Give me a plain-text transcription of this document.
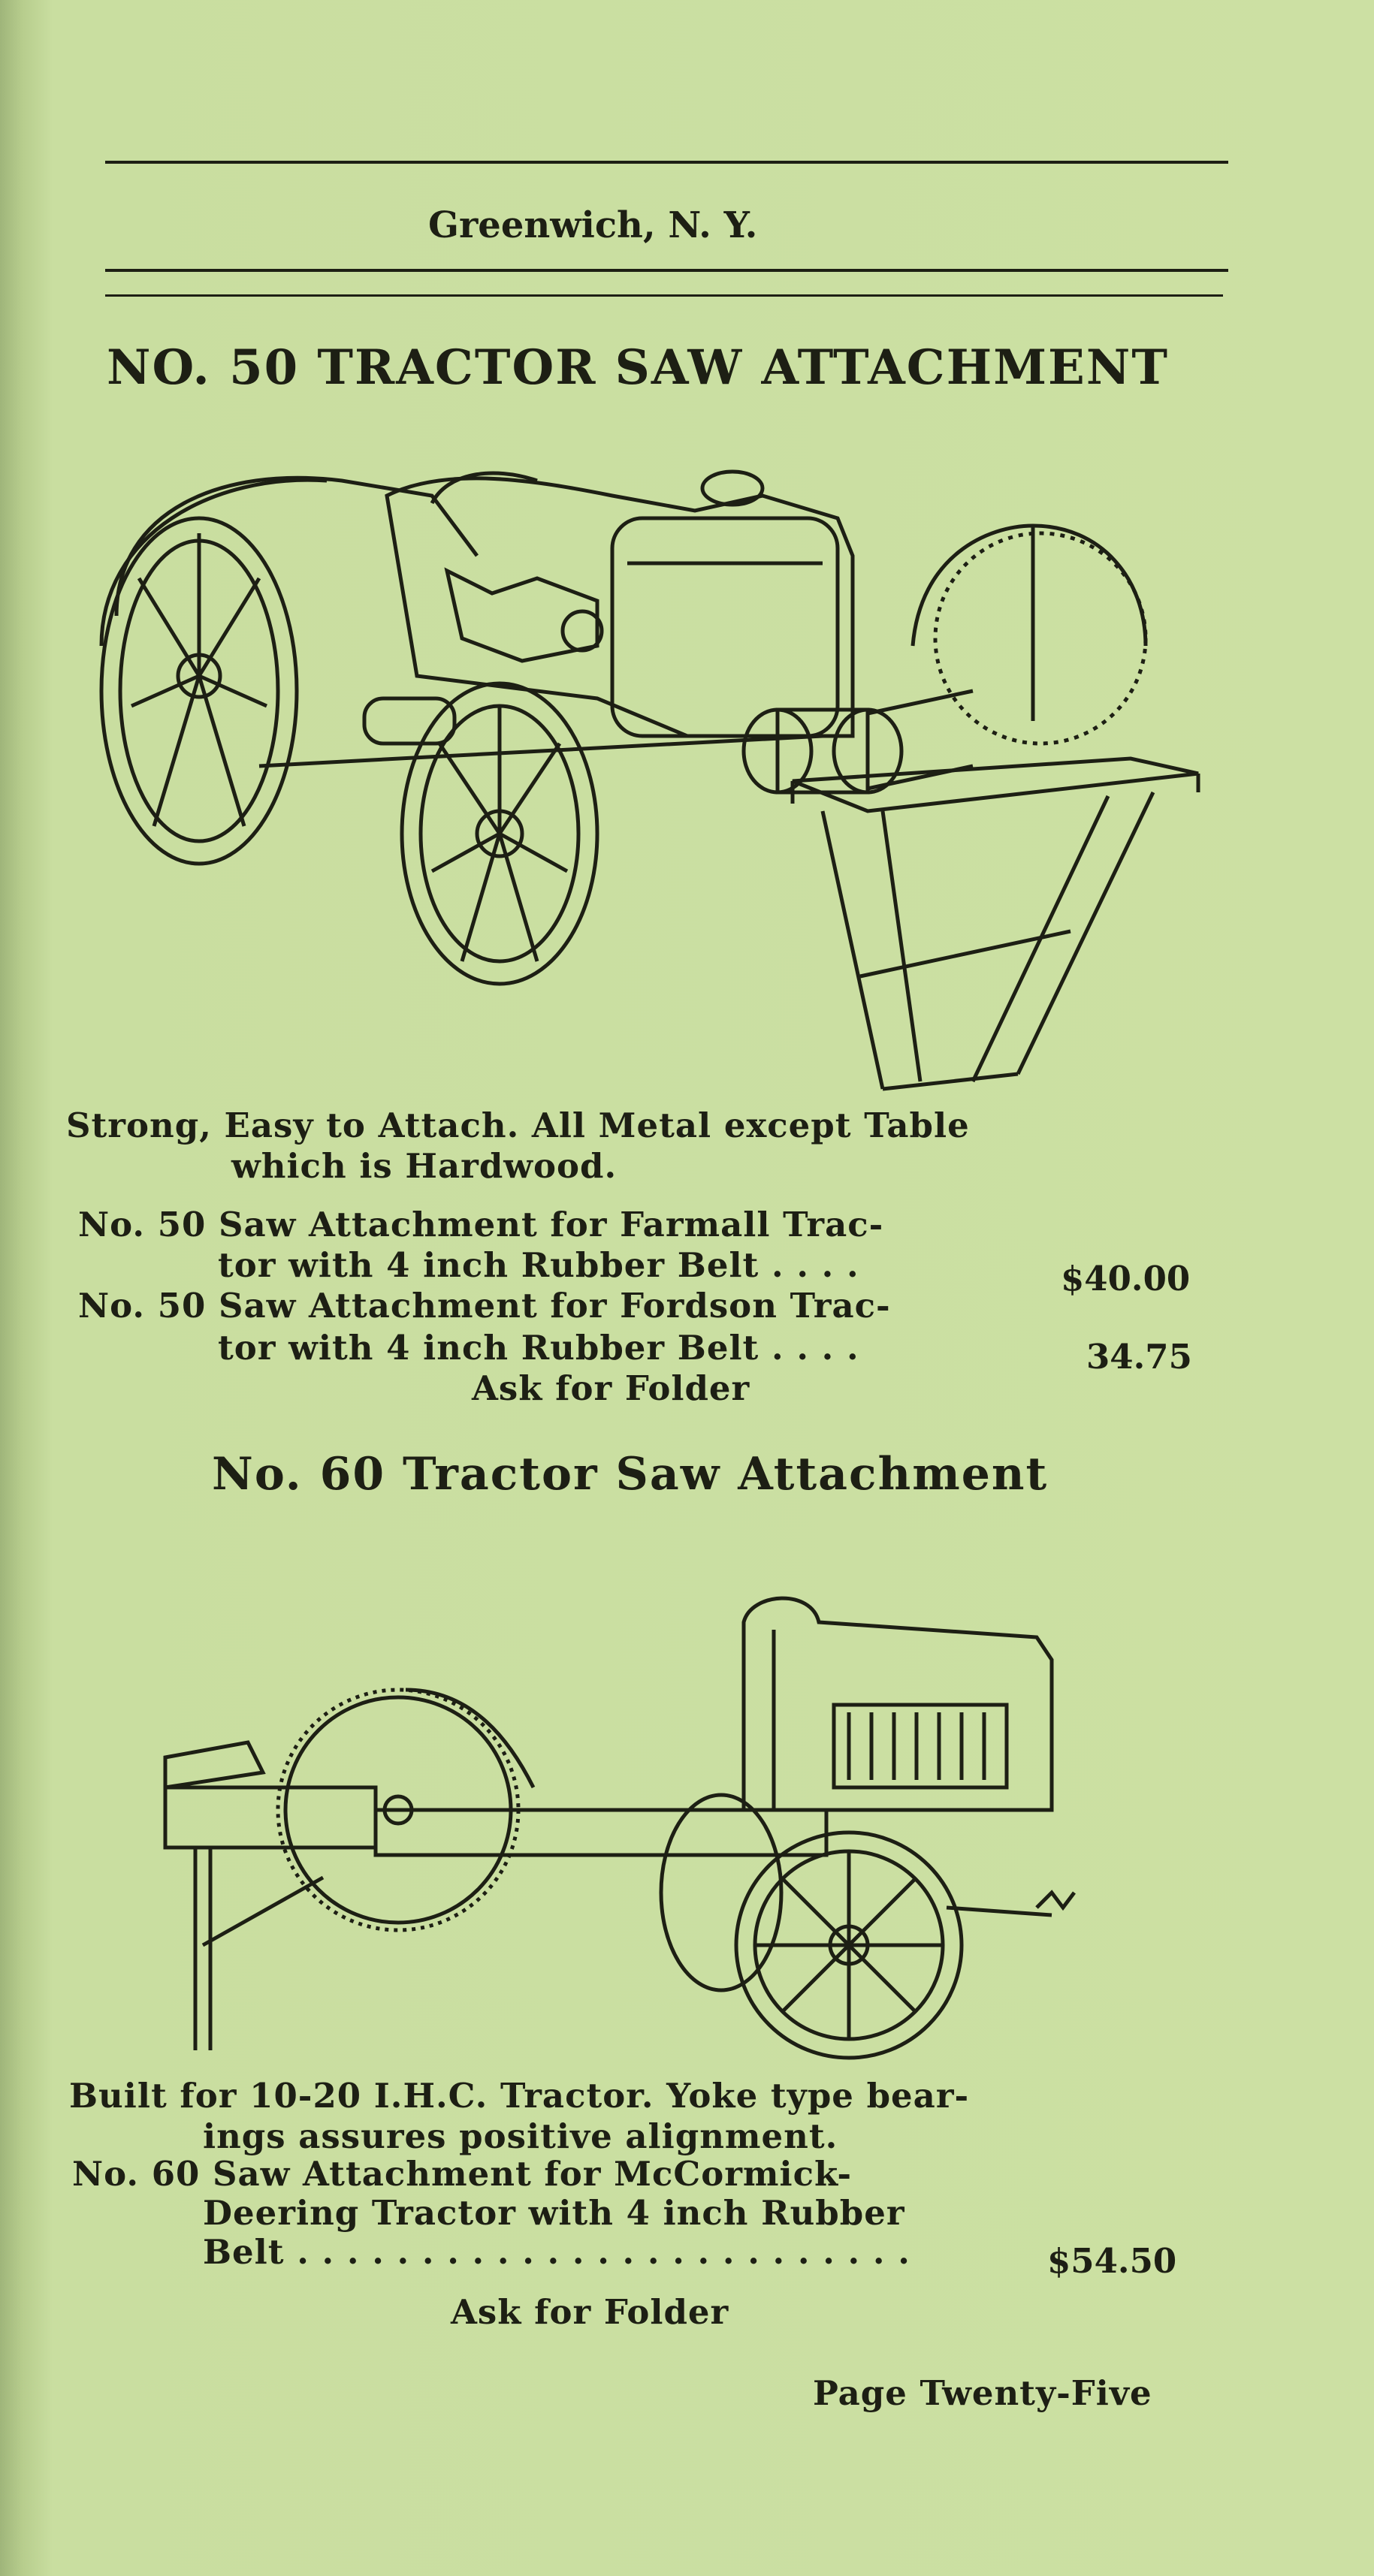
Greenwich, N. Y.
NO. 50 TRACTOR SAW ATTACHMENT
Strong, Easy to Attach. All Metal except Table
which is Hardwood.
No. 50 Saw Attachment for Farmall Trac-
tor with 4 inch Rubber Belt . . . .	$40.00
No. 50 Saw Attachment for Fordson Trac-
tor with 4 inch Rubber Belt . . . .	34.75
Ask for Folder
No. 60 Tractor Saw Attachment
Built for 10-20 I.H.C. Tractor. Yoke type bear-
ings assures positive alignment.
No. 60 Saw Attachment for McCormick-
Deering Tractor with 4 inch Rubber
Belt . . . . . . . . . . . . . . . . . . . . . . . . .	$54.50
Ask for Folder
Page Twenty-Five
